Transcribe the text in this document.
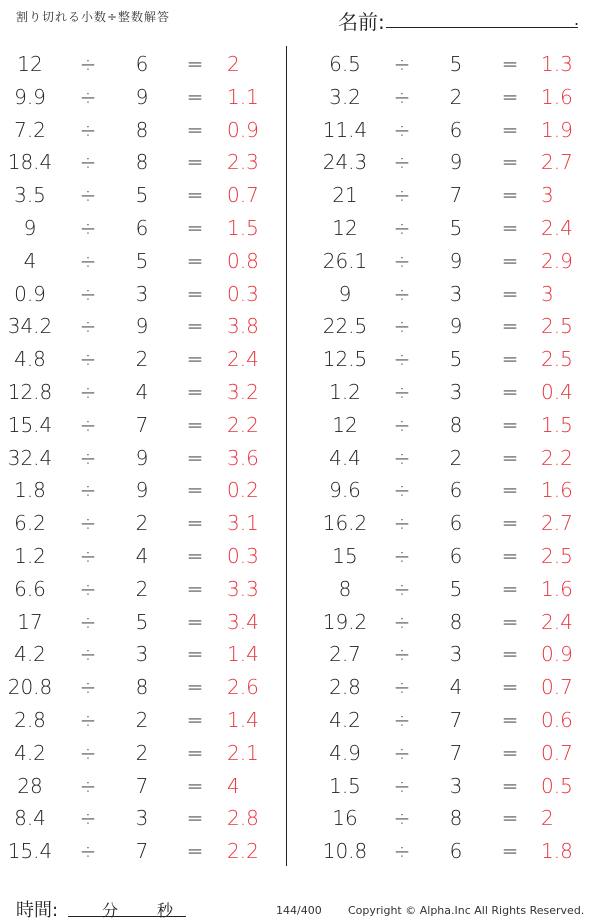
割り切れる小数÷整数解答	名前:	.
12	÷	6	= 2
9.9	÷	9	= 1.1
7.2	÷	8	= 0.9
18.4	÷	8	= 2.3
3.5	÷	5	= 0.7
9	÷	6	= 1.5
4	÷	5	= 0.8
0.9	÷	3	= 0.3
34.2	÷	9	= 3.8
4.8	÷	2	= 2.4
12.8	÷	4	= 3.2
15.4	÷	7	= 2.2
32.4	÷	9	= 3.6
1.8	÷	9	= 0.2
6.2	÷	2	= 3.1
1.2	÷	4	= 0.3
6.6	÷	2	= 3.3
17	÷	5	= 3.4
4.2	÷	3	= 1.4
20.8	÷	8	= 2.6
2.8	÷	2	= 1.4
4.2	÷	2	= 2.1
28	÷	7	= 4
8.4	÷	3	= 2.8
15.4	÷	7	= 2.2
6.5	÷	5	= 1.3
3.2	÷	2	= 1.6
11.4	÷	6	= 1.9
24.3	÷	9	= 2.7
21	÷	7	= 3
12	÷	5	= 2.4
26.1	÷	9	= 2.9
9	÷	3	= 3
22.5	÷	9	= 2.5
12.5	÷	5	= 2.5
1.2	÷	3	= 0.4
12	÷	8	= 1.5
4.4	÷	2	= 2.2
9.6	÷	6	= 1.6
16.2	÷	6	= 2.7
15	÷	6	= 2.5
8	÷	5	= 1.6
19.2	÷	8	= 2.4
2.7	÷	3	= 0.9
2.8	÷	4	= 0.7
4.2	÷	7	= 0.6
4.9	÷	7	= 0.7
1.5	÷	3	= 0.5
16	÷	8	= 2
10.8	÷	6	= 1.8
時間:	分 秒	144/400 Copyright © Alpha.Inc All Rights Reserved.
